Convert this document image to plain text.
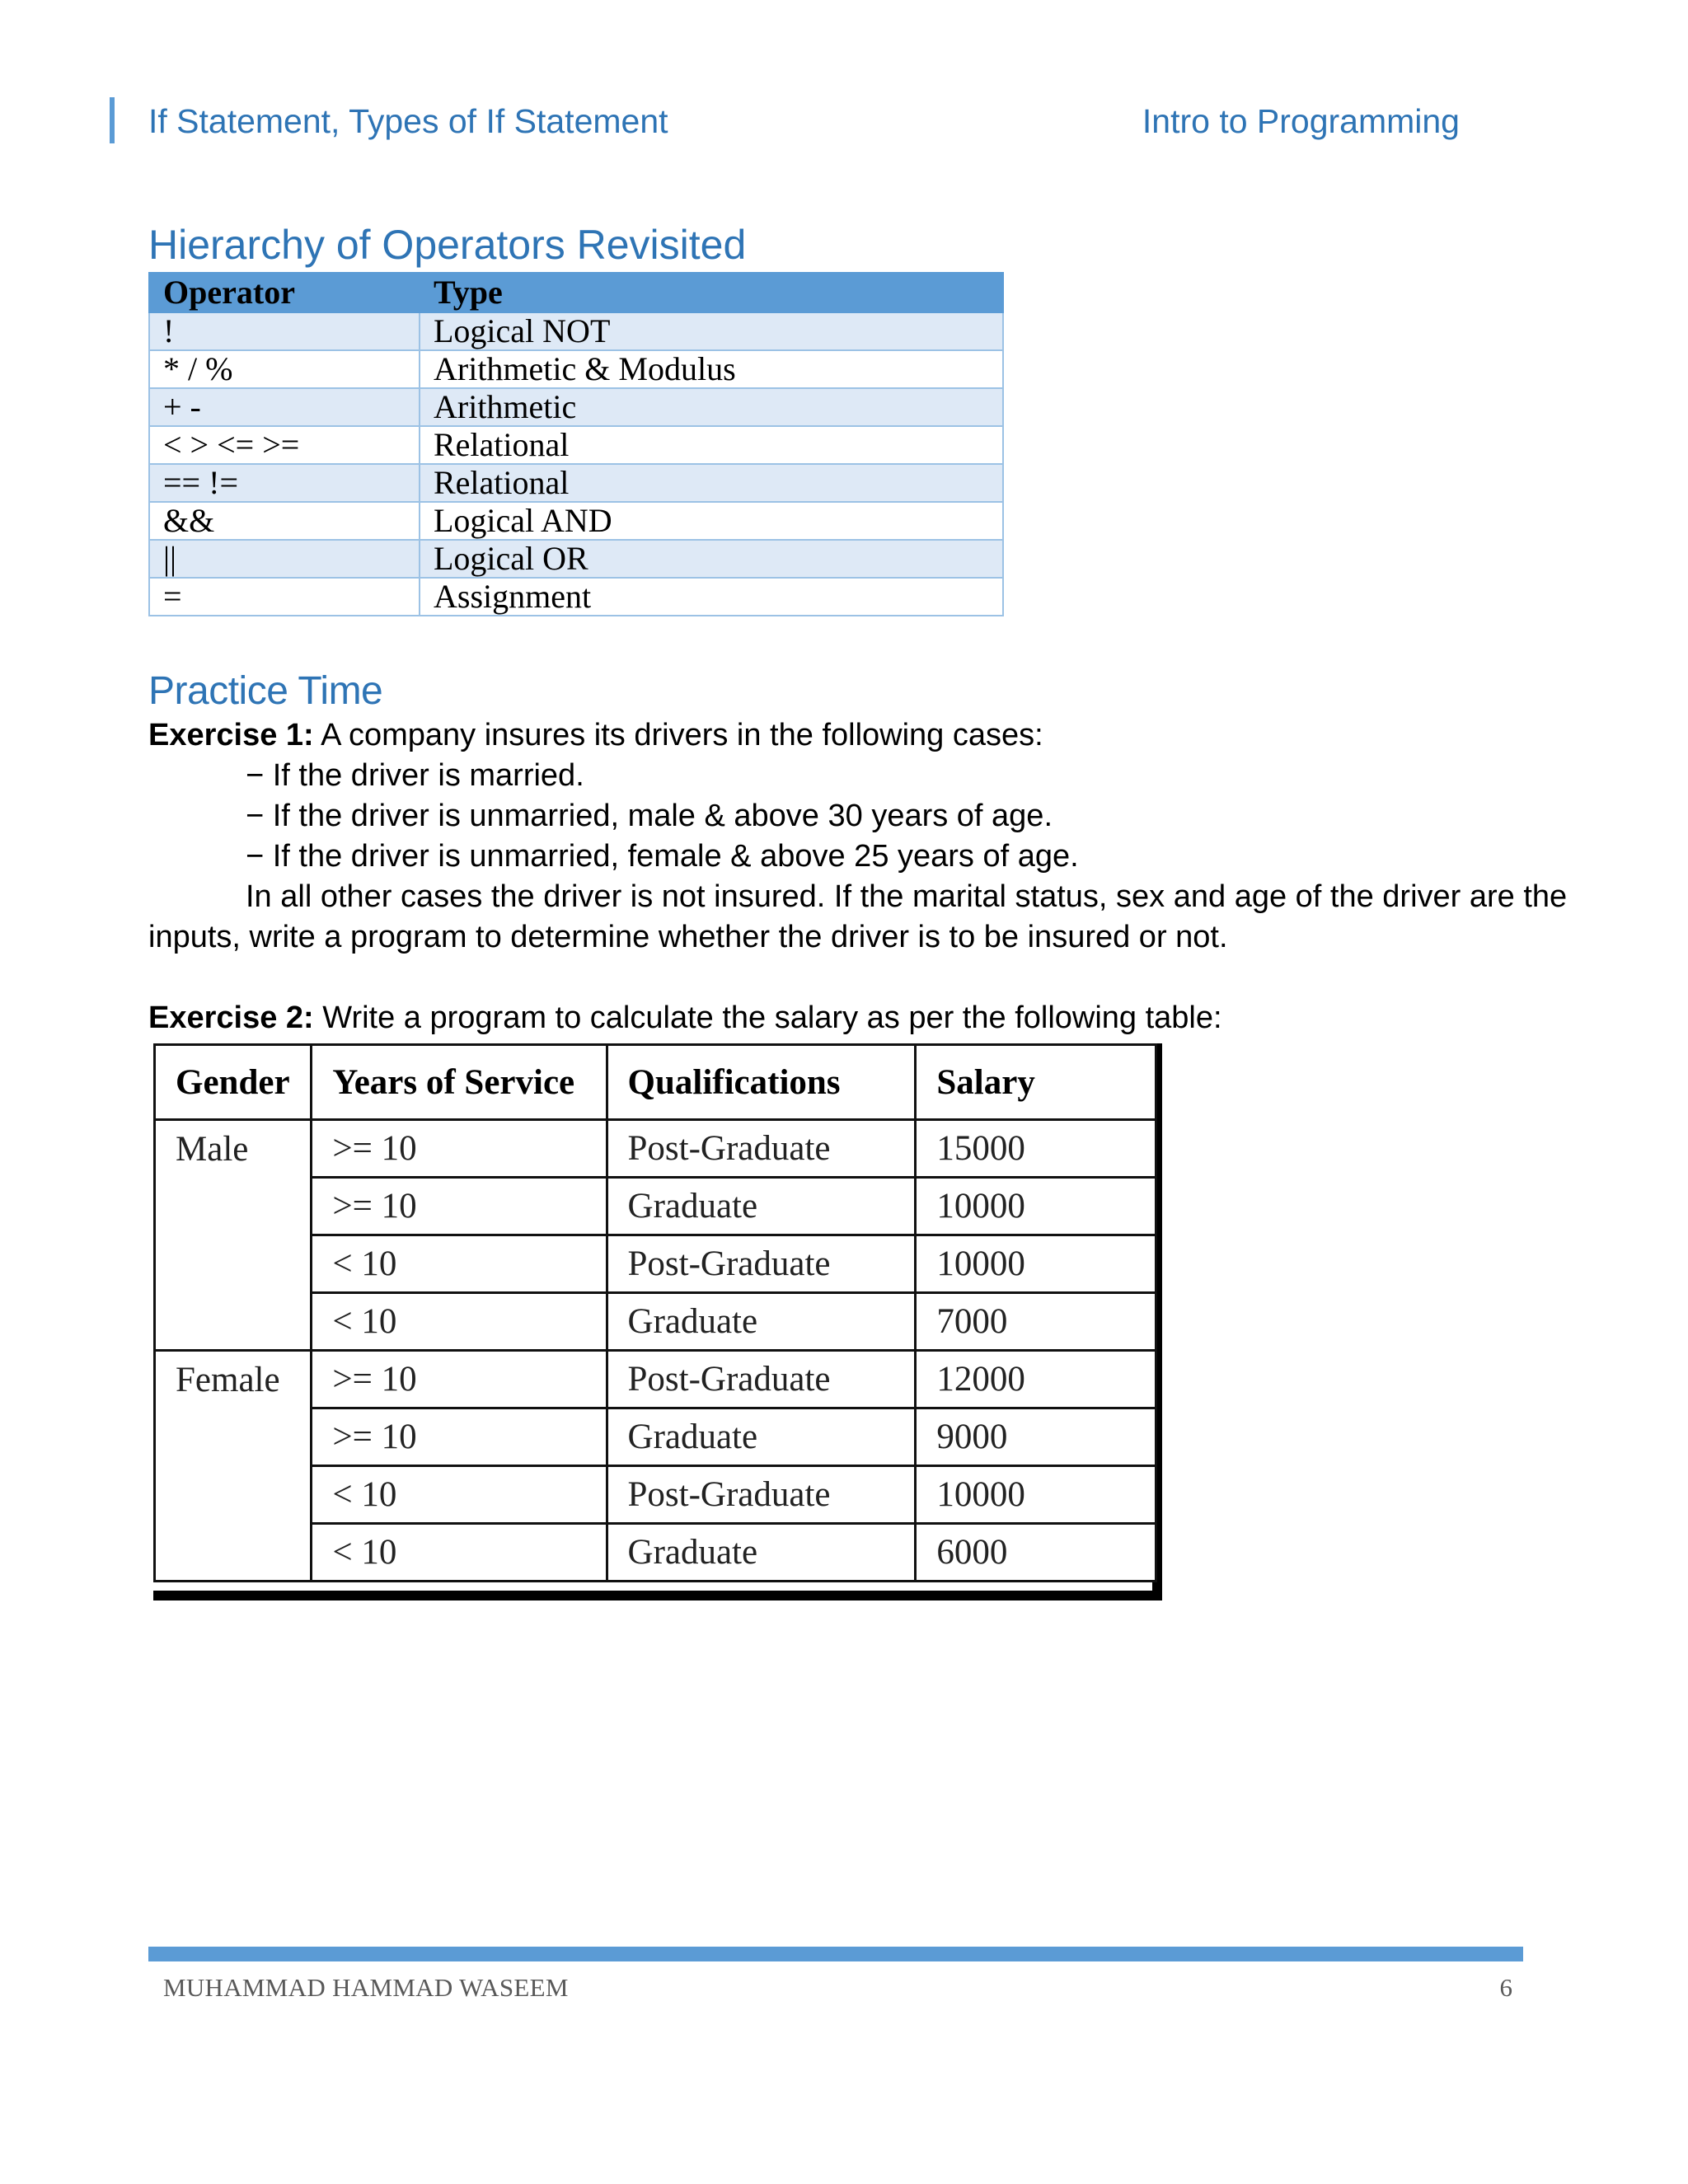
If Statement, Types of If Statement	Intro to Programming
Hierarchy of Operators Revisited
Operator	Type
!	Logical NOT
* / %	Arithmetic & Modulus
+ -	Arithmetic
< > <= >=	Relational
== !=	Relational
&&	Logical AND
||	Logical OR
=	Assignment
Practice Time
Exercise 1: A company insures its drivers in the following cases:
− If the driver is married.
− If the driver is unmarried, male & above 30 years of age.
− If the driver is unmarried, female & above 25 years of age.
In all other cases the driver is not insured. If the marital status, sex and age of the driver are the
inputs, write a program to determine whether the driver is to be insured or not.
Exercise 2: Write a program to calculate the salary as per the following table:
Gender	Years of Service	Qualifications	Salary
Male	>= 10	Post-Graduate	15000
	>= 10	Graduate	10000
	< 10	Post-Graduate	10000
	< 10	Graduate	7000
Female	>= 10	Post-Graduate	12000
	>= 10	Graduate	9000
	< 10	Post-Graduate	10000
	< 10	Graduate	6000
MUHAMMAD HAMMAD WASEEM	6
